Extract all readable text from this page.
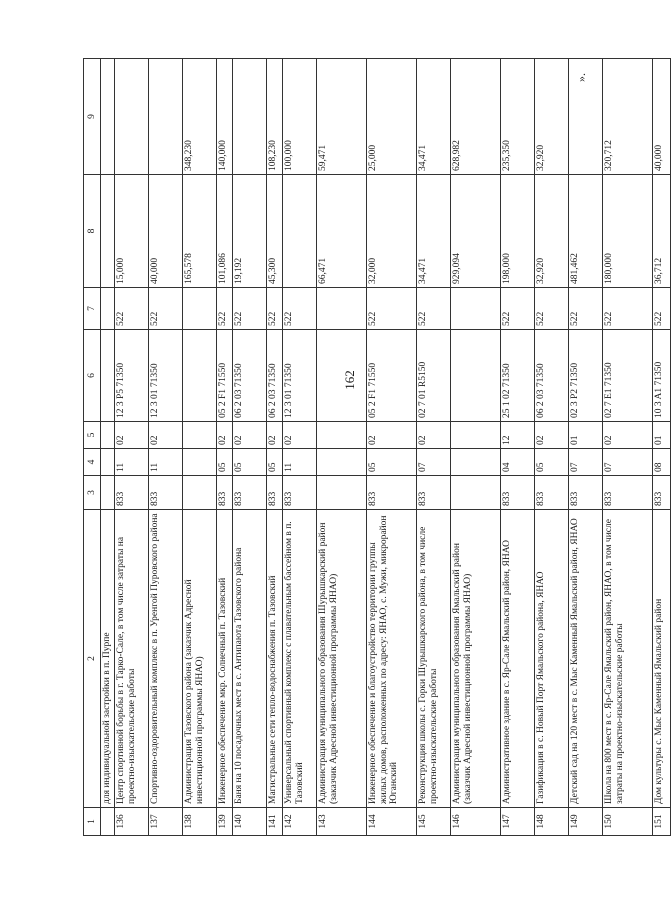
162
1	2	3	4	5	6	7	8	9
	для индивидуальной застройки в п. Пурпе							
136	Центр спортивной борьбы в г. Тарко-Сале, в том числе затраты на проектно-изыскательские работы	833	11	02	12 3 P5 71350	522	15,000	
137	Спортивно-оздоровительный комплекс в п. Уренгой Пуровского района	833	11	02	12 3 01 71350	522	40,000	
138	Администрация Тазовского района (заказчик Адресной инвестиционной программы ЯНАО)						165,578	348,230
139	Инженерное обеспечение мкр. Солнечный п. Тазовский	833	05	02	05 2 F1 71550	522	101,086	140,000
140	Баня на 10 посадочных мест в с. Антипаюта Тазовского района	833	05	02	06 2 03 71350	522	19,192	
141	Магистральные сети тепло-водоснабжения п. Тазовский	833	05	02	06 2 03 71350	522	45,300	108,230
142	Универсальный спортивный комплекс с плавательным бассейном в п. Тазовский	833	11	02	12 3 01 71350	522		100,000
143	Администрация муниципального образования Шурышкарский район (заказчик Адресной инвестиционной программы ЯНАО)						66,471	59,471
144	Инженерное обеспечение и благоустройство территории группы жилых домов, расположенных по адресу: ЯНАО, с. Мужи, микрорайон Юганский	833	05	02	05 2 F1 71550	522	32,000	25,000
145	Реконструкция школы с. Горки Шурышкарского района, в том числе проектно-изыскательские работы	833	07	02	02 7 01 R5150	522	34,471	34,471
146	Администрация муниципального образования Ямальский район (заказчик Адресной инвестиционной программы ЯНАО)						929,094	628,982
147	Административное здание в с. Яр-Сале Ямальский район, ЯНАО	833	04	12	25 1 02 71350	522	198,000	235,350
148	Газификация в с. Новый Порт Ямальского района, ЯНАО	833	05	02	06 2 03 71350	522	32,920	32,920
149	Детский сад на 120 мест в с. Мыс Каменный Ямальский район, ЯНАО	833	07	01	02 3 P2 71350	522	481,462	
150	Школа на 800 мест в с. Яр-Сале Ямальский район, ЯНАО, в том числе затраты на проектно-изыскательские работы	833	07	02	02 7 E1 71350	522	180,000	320,712
151	Дом культуры с. Мыс Каменный Ямальский район	833	08	01	10 3 A1 71350	522	36,712	40,000
».
